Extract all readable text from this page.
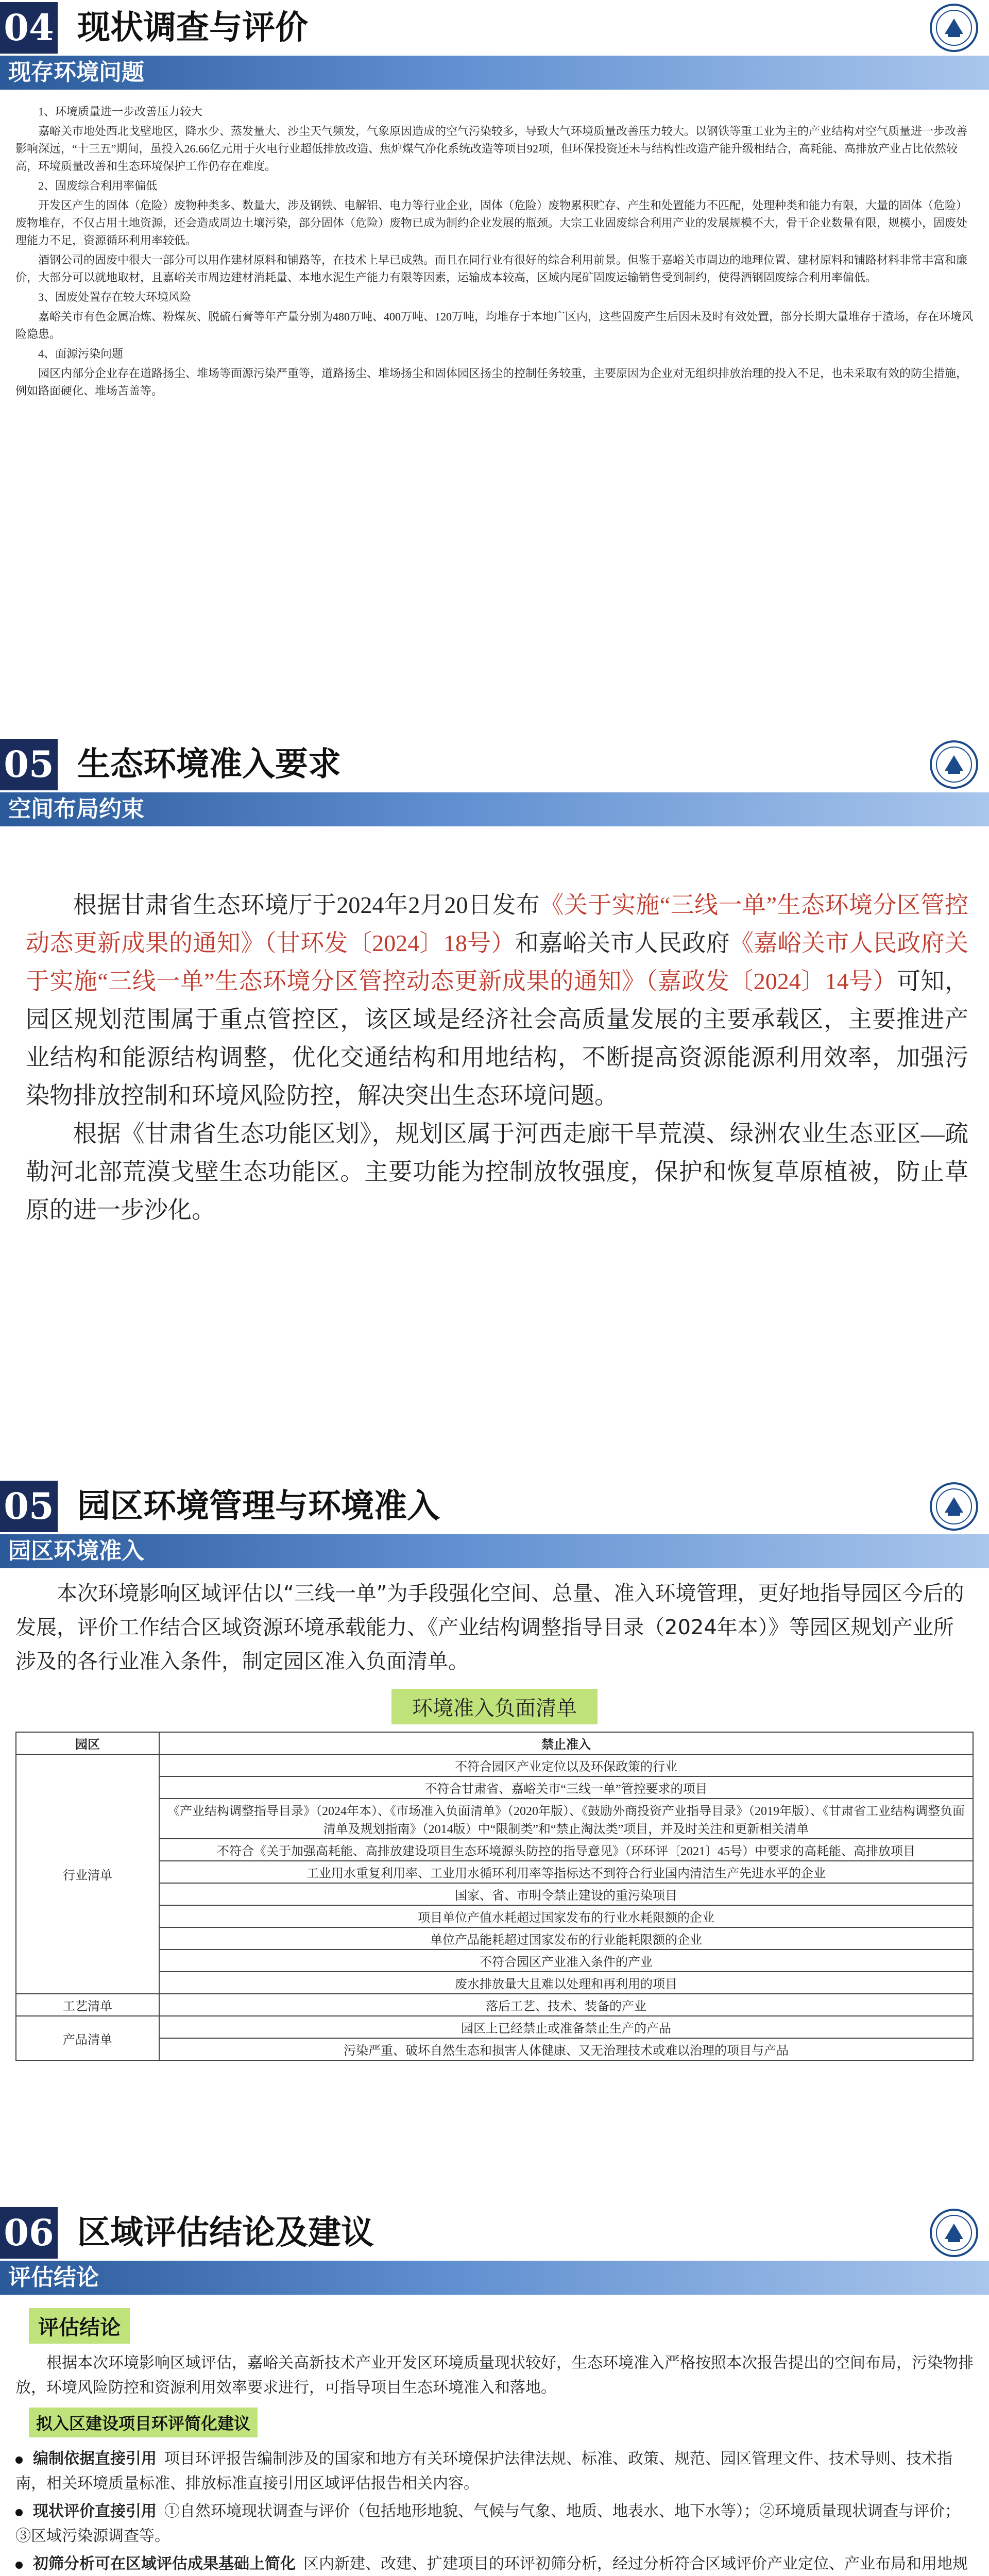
04 现状调查与评价
现存环境问题

1、环境质量进一步改善压力较大

嘉峪关市地处西北戈壁地区，降水少、蒸发量大、沙尘天气频发，气象原因造成的空气污染较多，导致大气环境质量改善压力较大。以钢铁等重工业为主的产业结构对空气质量进一步改善影响深远，“十三五”期间，虽投入26.66亿元用于火电行业超低排放改造、焦炉煤气净化系统改造等项目92项，但环保投资还未与结构性改造产能升级相结合，高耗能、高排放产业占比依然较高，环境质量改善和生态环境保护工作仍存在难度。

2、固废综合利用率偏低

开发区产生的固体（危险）废物种类多、数量大，涉及钢铁、电解铝、电力等行业企业，固体（危险）废物累积贮存、产生和处置能力不匹配，处理种类和能力有限，大量的固体（危险）废物堆存，不仅占用土地资源，还会造成周边土壤污染，部分固体（危险）废物已成为制约企业发展的瓶颈。大宗工业固废综合利用产业的发展规模不大，骨干企业数量有限，规模小，固废处理能力不足，资源循环利用率较低。

酒钢公司的固废中很大一部分可以用作建材原料和铺路等，在技术上早已成熟。而且在同行业有很好的综合利用前景。但鉴于嘉峪关市周边的地理位置、建材原料和铺路材料非常丰富和廉价，大部分可以就地取材，且嘉峪关市周边建材消耗量、本地水泥生产能力有限等因素，运输成本较高，区域内尾矿固废运输销售受到制约，使得酒钢固废综合利用率偏低。

3、固废处置存在较大环境风险

嘉峪关市有色金属冶炼、粉煤灰、脱硫石膏等年产量分别为480万吨、400万吨、120万吨，均堆存于本地广区内，这些固废产生后因未及时有效处置，部分长期大量堆存于渣场，存在环境风险隐患。

4、面源污染问题

园区内部分企业存在道路扬尘、堆场等面源污染严重等，道路扬尘、堆场扬尘和固体园区扬尘的控制任务较重，主要原因为企业对无组织排放治理的投入不足，也未采取有效的防尘措施，例如路面硬化、堆场苫盖等。

05 生态环境准入要求
空间布局约束

根据甘肃省生态环境厅于2024年2月20日发布《关于实施“三线一单”生态环境分区管控动态更新成果的通知》（甘环发〔2024〕18号）和嘉峪关市人民政府《嘉峪关市人民政府关于实施“三线一单”生态环境分区管控动态更新成果的通知》（嘉政发〔2024〕14号）可知，园区规划范围属于重点管控区，该区域是经济社会高质量发展的主要承载区，主要推进产业结构和能源结构调整，优化交通结构和用地结构，不断提高资源能源利用效率，加强污染物排放控制和环境风险防控，解决突出生态环境问题。

根据《甘肃省生态功能区划》，规划区属于河西走廊干旱荒漠、绿洲农业生态亚区—疏勒河北部荒漠戈壁生态功能区。主要功能为控制放牧强度，保护和恢复草原植被，防止草原的进一步沙化。

05 园区环境管理与环境准入
园区环境准入

本次环境影响区域评估以“三线一单”为手段强化空间、总量、准入环境管理，更好地指导园区今后的发展，评价工作结合区域资源环境承载能力、《产业结构调整指导目录（2024年本）》等园区规划产业所涉及的各行业准入条件，制定园区准入负面清单。

环境准入负面清单
园区	禁止准入
行业清单	不符合园区产业定位以及环保政策的行业
	不符合甘肃省、嘉峪关市“三线一单”管控要求的项目
	《产业结构调整指导目录》（2024年本）、《市场准入负面清单》（2020年版）、《鼓励外商投资产业指导目录》（2019年版）、《甘肃省工业结构调整负面清单及规划指南》（2014版）中“限制类”和“禁止淘汰类”项目，并及时关注和更新相关清单
	不符合《关于加强高耗能、高排放建设项目生态环境源头防控的指导意见》（环环评〔2021〕45号）中要求的高耗能、高排放项目
	工业用水重复利用率、工业用水循环利用率等指标达不到符合行业国内清洁生产先进水平的企业
	国家、省、市明令禁止建设的重污染项目
	项目单位产值水耗超过国家发布的行业水耗限额的企业
	单位产品能耗超过国家发布的行业能耗限额的企业
	不符合园区产业准入条件的产业
	废水排放量大且难以处理和再利用的项目
工艺清单	落后工艺、技术、装备的产业
产品清单	园区上已经禁止或准备禁止生产的产品
	污染严重、破坏自然生态和损害人体健康、又无治理技术或难以治理的项目与产品
06 区域评估结论及建议
评估结论
评估结论

根据本次环境影响区域评估，嘉峪关高新技术产业开发区环境质量现状较好，生态环境准入严格按照本次报告提出的空间布局，污染物排放，环境风险防控和资源利用效率要求进行，可指导项目生态环境准入和落地。

拟入区建设项目环评简化建议

编制依据直接引用 项目环评报告编制涉及的国家和地方有关环境保护法律法规、标准、政策、规范、园区管理文件、技术导则、技术指南，相关环境质量标准、排放标准直接引用区域评估报告相关内容。

现状评价直接引用 ①自然环境现状调查与评价（包括地形地貌、气候与气象、地质、地表水、地下水等）；②环境质量现状调查与评价；③区域污染源调查等。

初筛分析可在区域评估成果基础上简化 区内新建、改建、扩建项目的环评初筛分析，经过分析符合区域评价产业定位、产业布局和用地规
